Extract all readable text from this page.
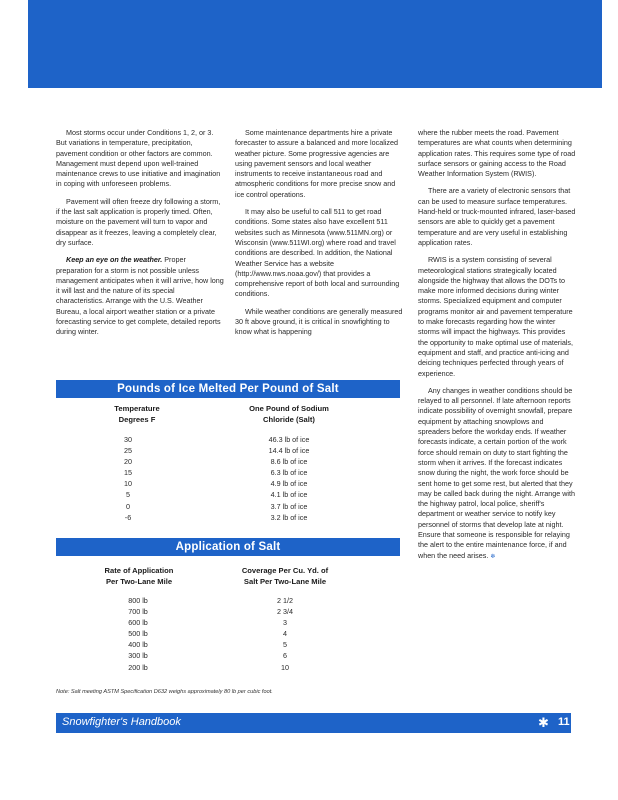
Most storms occur under Conditions 1, 2, or 3. But variations in temperature, precipitation, pavement condition or other factors are common. Management must depend upon well-trained maintenance crews to use initiative and imagination in coping with unforeseen problems.

Pavement will often freeze dry following a storm, if the last salt application is properly timed. Often, moisture on the pavement will turn to vapor and disappear as it freezes, leaving a completely clear, dry surface.

Keep an eye on the weather. Proper preparation for a storm is not possible unless management anticipates when it will arrive, how long it will last and the nature of its special characteristics. Arrange with the U.S. Weather Bureau, a local airport weather station or a private forecasting service to get complete, detailed reports during winter.

Some maintenance departments hire a private forecaster to assure a balanced and more localized weather picture. Some progressive agencies are using pavement sensors and local weather instruments to receive instantaneous road and atmospheric conditions for more precise snow and ice control operations.

It may also be useful to call 511 to get road conditions. Some states also have excellent 511 websites such as Minnesota (www.511MN.org) or Wisconsin (www.511WI.org) where road and travel conditions are described. In addition, the National Weather Service has a website (http://www.nws.noaa.gov/) that provides a comprehensive report of both local and surrounding conditions.

While weather conditions are generally measured 30 ft above ground, it is critical in snowfighting to know what is happening

where the rubber meets the road. Pavement temperatures are what counts when determining application rates. This requires some type of road surface sensors or gaining access to the Road Weather Information System (RWIS).

There are a variety of electronic sensors that can be used to measure surface temperatures. Hand-held or truck-mounted infrared, laser-based sensors are able to quickly get a pavement temperature and are very useful in establishing application rates.

RWIS is a system consisting of several meteorological stations strategically located alongside the highway that allows the DOTs to make more informed decisions during winter storms. Specialized equipment and computer programs monitor air and pavement temperature to make forecasts regarding how the winter storms will impact the highways. This provides the opportunity to make optimal use of materials, equipment and staff, and practice anti-icing and deicing techniques perfected through years of experience.

Any changes in weather conditions should be relayed to all personnel. If late afternoon reports indicate possibility of overnight snowfall, prepare equipment by attaching snowplows and spreaders before the workday ends. If weather forecasts indicate, a certain portion of the work force should remain on duty to start fighting the storm when it arrives. If the forecast indicates snow during the night, the work force should be sent home to get some rest, but alerted that they may be called back during the night. Arrange with the highway patrol, local police, sheriff's department or weather service to notify key personnel of storms that develop late at night. Ensure that someone is responsible for relaying the alert to the entire maintenance force, if and when the need arises. ❄

Pounds of Ice Melted Per Pound of Salt
Temperature
Degrees F
One Pound of Sodium
Chloride (Salt)
30
25
20
15
10
5
0
-6
46.3 lb of ice
14.4 lb of ice
8.6 lb of ice
6.3 lb of ice
4.9 lb of ice
4.1 lb of ice
3.7 lb of ice
3.2 lb of ice
Application of Salt
Rate of Application
Per Two-Lane Mile
Coverage Per Cu. Yd. of
Salt Per Two-Lane Mile
800 lb
700 lb
600 lb
500 lb
400 lb
300 lb
200 lb
2 1/2
2 3/4
3
4
5
6
10
Note: Salt meeting ASTM Specification D632 weighs approximately 80 lb per cubic foot.
Snowfighter's Handbook	✱ 11
